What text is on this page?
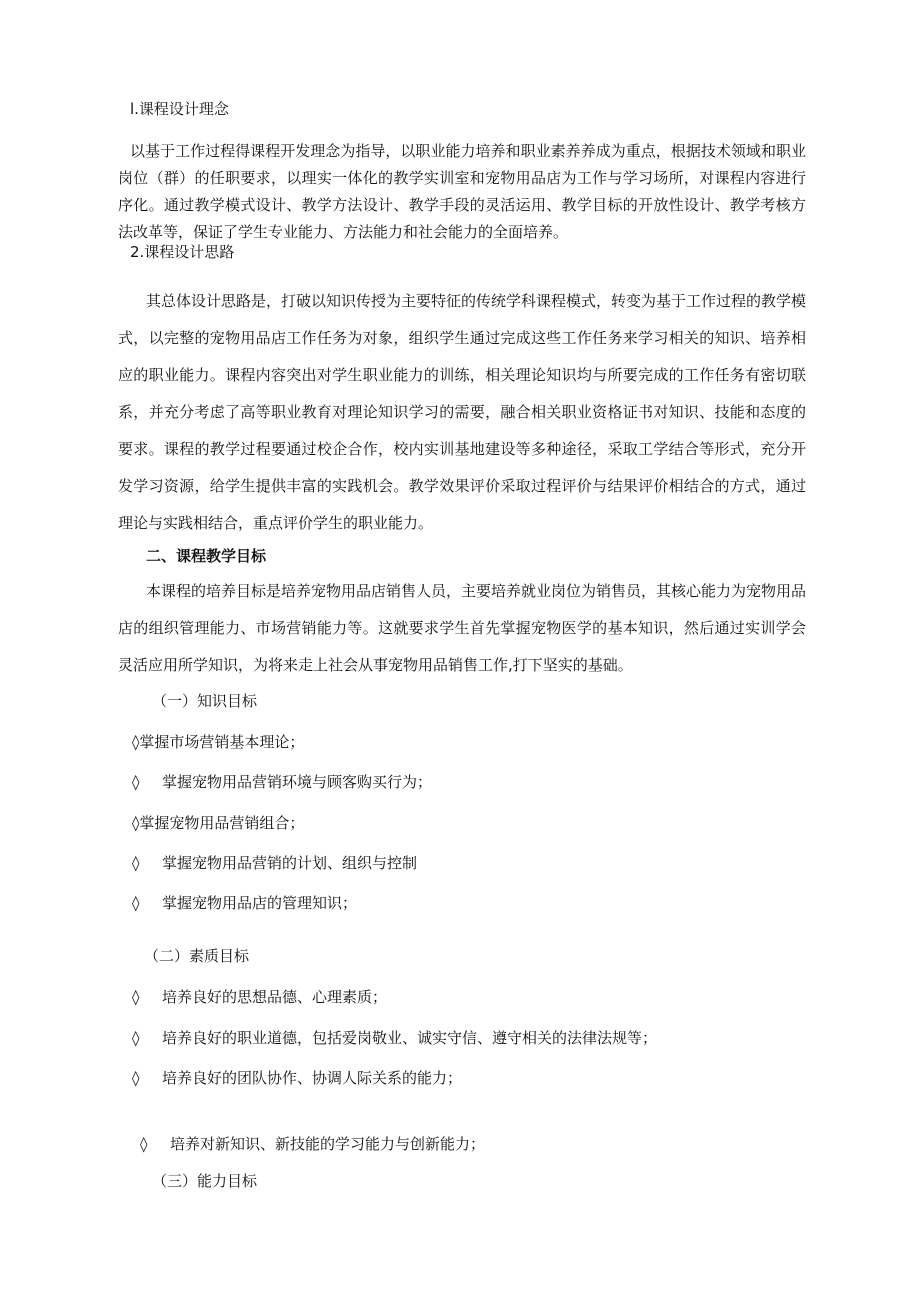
l.课程设计理念
以基于工作过程得课程开发理念为指导，以职业能力培养和职业素养养成为重点，根据技术领域和职业岗位（群）的任职要求，以理实一体化的教学实训室和宠物用品店为工作与学习场所，对课程内容进行序化。通过教学模式设计、教学方法设计、教学手段的灵活运用、教学目标的开放性设计、教学考核方法改革等，保证了学生专业能力、方法能力和社会能力的全面培养。
2.课程设计思路
其总体设计思路是，打破以知识传授为主要特征的传统学科课程模式，转变为基于工作过程的教学模式，以完整的宠物用品店工作任务为对象，组织学生通过完成这些工作任务来学习相关的知识、培养相应的职业能力。课程内容突出对学生职业能力的训练，相关理论知识均与所要完成的工作任务有密切联系，并充分考虑了高等职业教育对理论知识学习的需要，融合相关职业资格证书对知识、技能和态度的要求。课程的教学过程要通过校企合作，校内实训基地建设等多种途径，采取工学结合等形式，充分开发学习资源，给学生提供丰富的实践机会。教学效果评价采取过程评价与结果评价相结合的方式，通过理论与实践相结合，重点评价学生的职业能力。
二、课程教学目标
本课程的培养目标是培养宠物用品店销售人员，主要培养就业岗位为销售员，其核心能力为宠物用品店的组织管理能力、市场营销能力等。这就要求学生首先掌握宠物医学的基本知识，然后通过实训学会灵活应用所学知识，为将来走上社会从事宠物用品销售工作,打下坚实的基础。
（一）知识目标
◊掌握市场营销基本理论；
◊ 掌握宠物用品营销环境与顾客购买行为；
◊掌握宠物用品营销组合；
◊ 掌握宠物用品营销的计划、组织与控制
◊ 掌握宠物用品店的管理知识；
（二）素质目标
◊ 培养良好的思想品德、心理素质；
◊ 培养良好的职业道德，包括爱岗敬业、诚实守信、遵守相关的法律法规等；
◊ 培养良好的团队协作、协调人际关系的能力；
◊ 培养对新知识、新技能的学习能力与创新能力；
（三）能力目标
